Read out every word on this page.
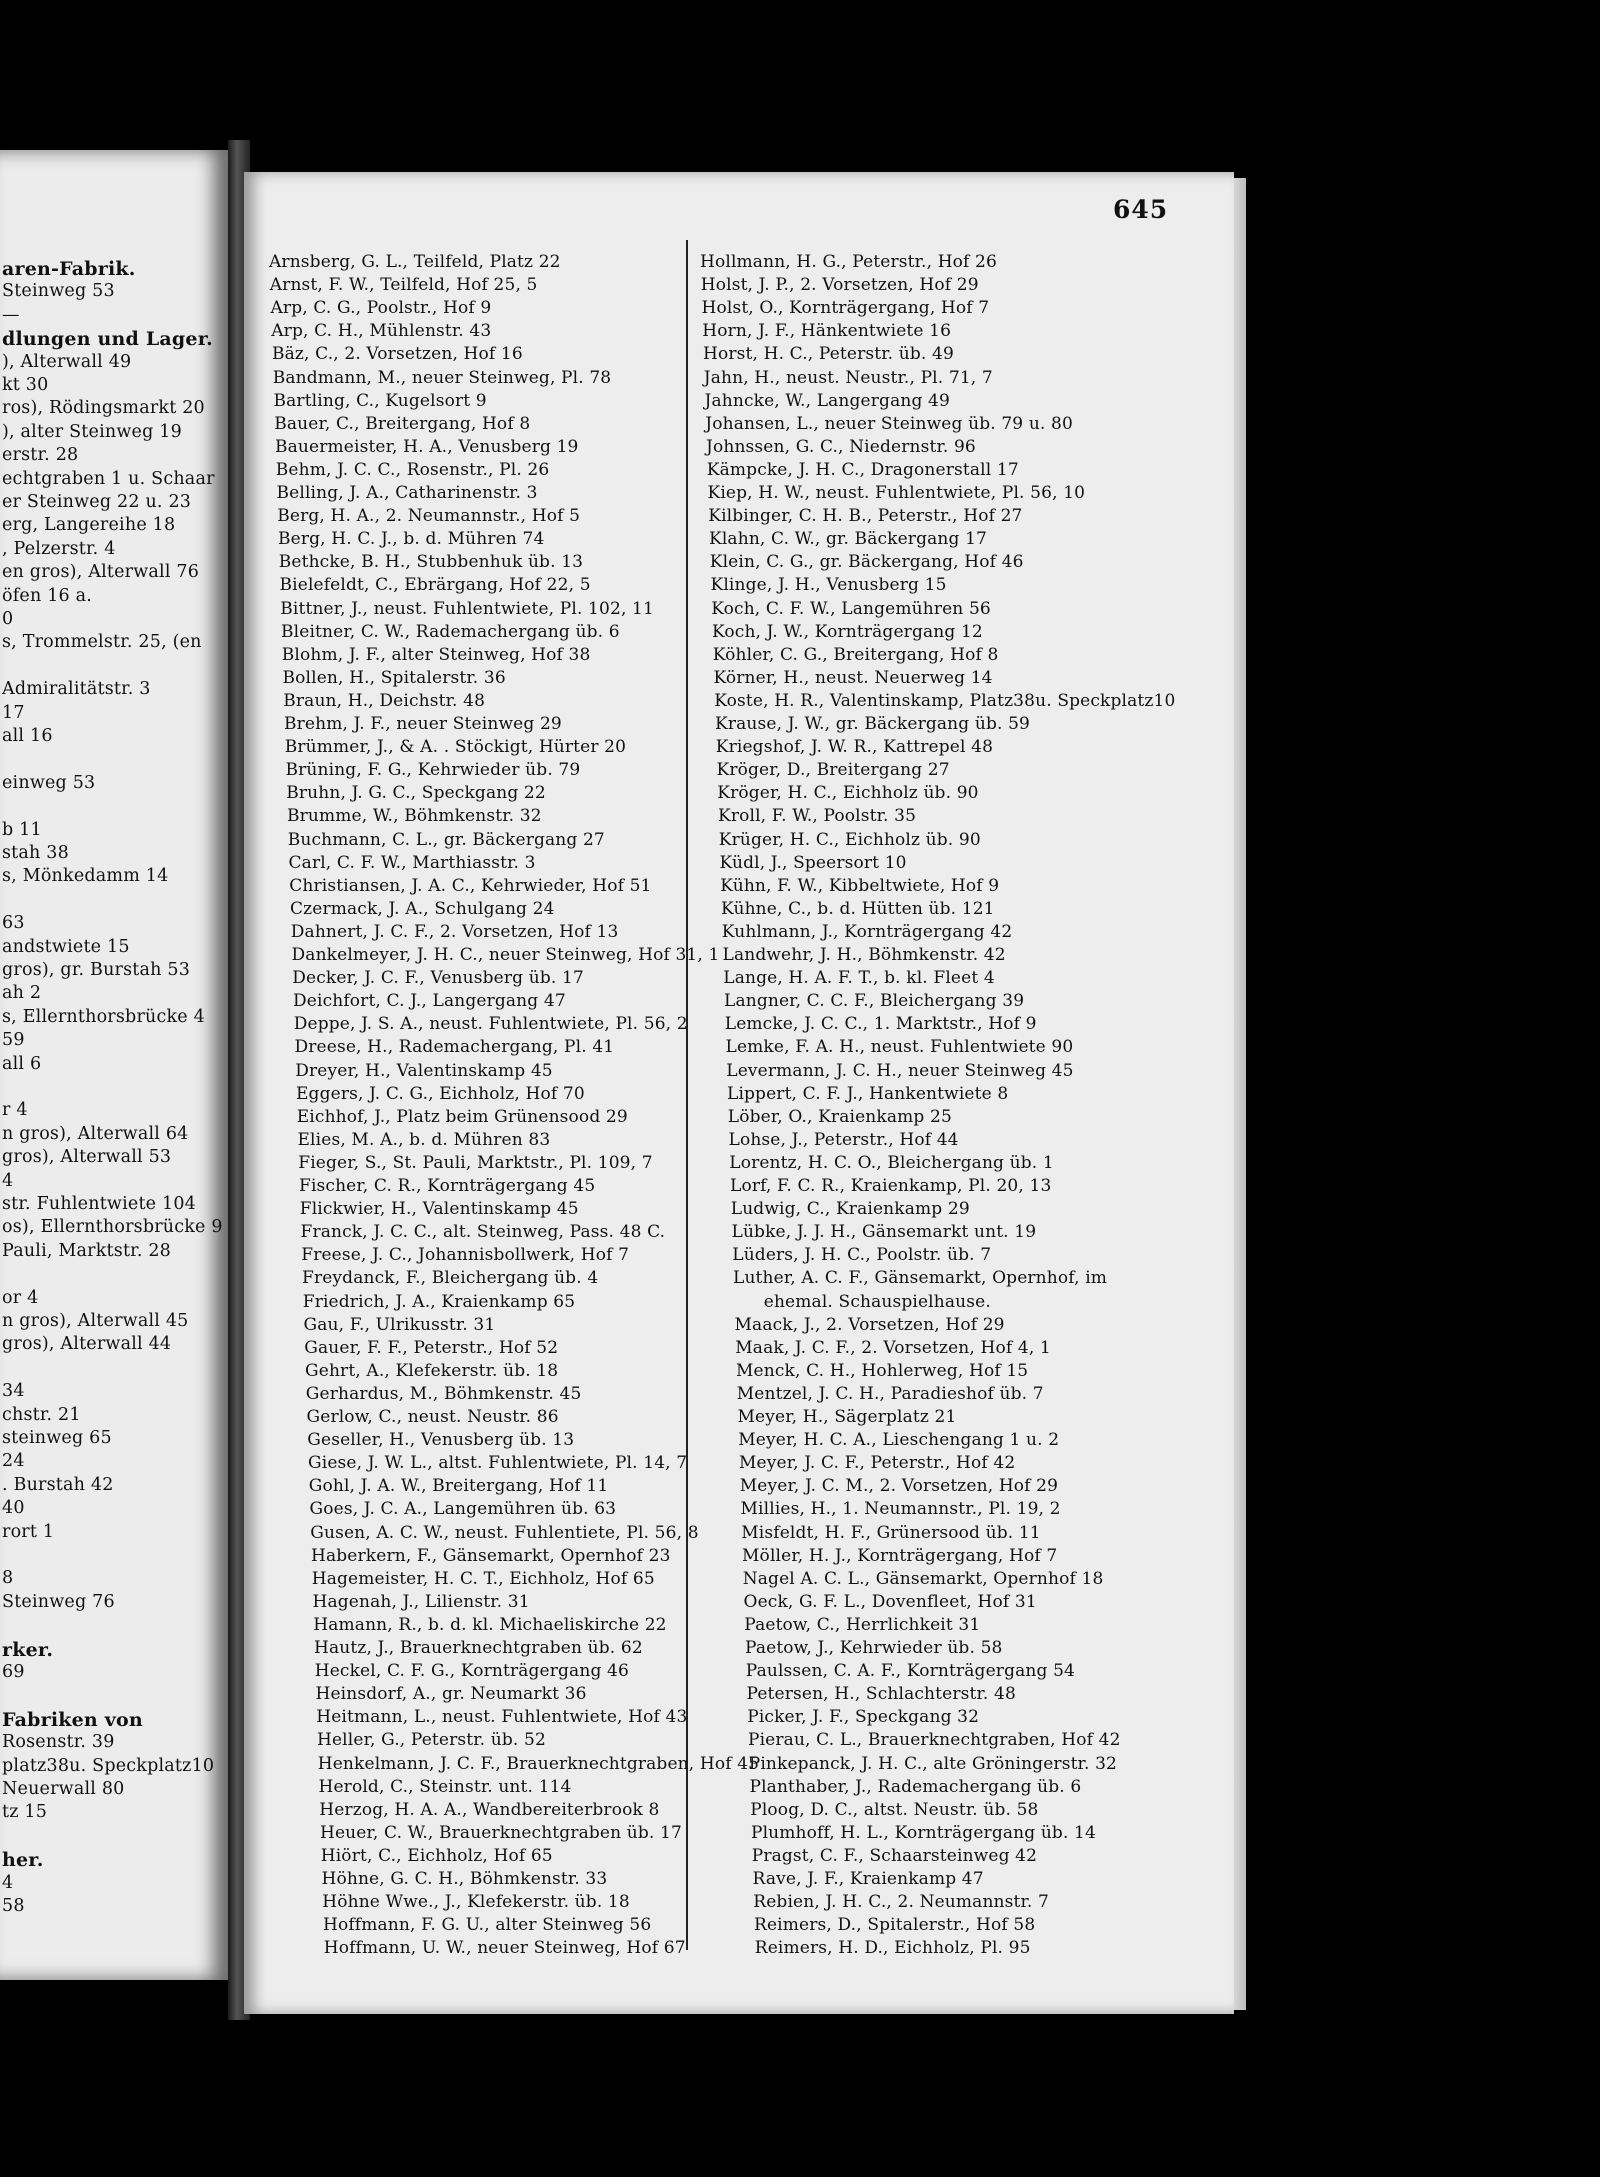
aren-Fabrik.
Steinweg 53
—
dlungen und Lager.
), Alterwall 49
kt 30
ros), Rödingsmarkt 20
), alter Steinweg 19
erstr. 28
echtgraben 1 u. Schaar
er Steinweg 22 u. 23
erg, Langereihe 18
, Pelzerstr. 4
en gros), Alterwall 76
öfen 16 a.
0
s, Trommelstr. 25, (en
Admiralitätstr. 3
17
all 16
einweg 53
b 11
stah 38
s, Mönkedamm 14
63
andstwiete 15
gros), gr. Burstah 53
ah 2
s, Ellernthorsbrücke 4
59
all 6
r 4
n gros), Alterwall 64
gros), Alterwall 53
4
str. Fuhlentwiete 104
os), Ellernthorsbrücke 9
Pauli, Marktstr. 28
or 4
n gros), Alterwall 45
gros), Alterwall 44
34
chstr. 21
steinweg 65
24
. Burstah 42
40
rort 1
8
Steinweg 76
rker.
69
Fabriken von
Rosenstr. 39
platz38u. Speckplatz10
Neuerwall 80
tz 15
her.
4
58
Arnsberg, G. L., Teilfeld, Platz 22
Arnst, F. W., Teilfeld, Hof 25, 5
Arp, C. G., Poolstr., Hof 9
Arp, C. H., Mühlenstr. 43
Bäz, C., 2. Vorsetzen, Hof 16
Bandmann, M., neuer Steinweg, Pl. 78
Bartling, C., Kugelsort 9
Bauer, C., Breitergang, Hof 8
Bauermeister, H. A., Venusberg 19
Behm, J. C. C., Rosenstr., Pl. 26
Belling, J. A., Catharinenstr. 3
Berg, H. A., 2. Neumannstr., Hof 5
Berg, H. C. J., b. d. Mühren 74
Bethcke, B. H., Stubbenhuk üb. 13
Bielefeldt, C., Ebrärgang, Hof 22, 5
Bittner, J., neust. Fuhlentwiete, Pl. 102, 11
Bleitner, C. W., Rademachergang üb. 6
Blohm, J. F., alter Steinweg, Hof 38
Bollen, H., Spitalerstr. 36
Braun, H., Deichstr. 48
Brehm, J. F., neuer Steinweg 29
Brümmer, J., & A. . Stöckigt, Hürter 20
Brüning, F. G., Kehrwieder üb. 79
Bruhn, J. G. C., Speckgang 22
Brumme, W., Böhmkenstr. 32
Buchmann, C. L., gr. Bäckergang 27
Carl, C. F. W., Marthiasstr. 3
Christiansen, J. A. C., Kehrwieder, Hof 51
Czermack, J. A., Schulgang 24
Dahnert, J. C. F., 2. Vorsetzen, Hof 13
Dankelmeyer, J. H. C., neuer Steinweg, Hof 31, 1
Decker, J. C. F., Venusberg üb. 17
Deichfort, C. J., Langergang 47
Deppe, J. S. A., neust. Fuhlentwiete, Pl. 56, 2
Dreese, H., Rademachergang, Pl. 41
Dreyer, H., Valentinskamp 45
Eggers, J. C. G., Eichholz, Hof 70
Eichhof, J., Platz beim Grünensood 29
Elies, M. A., b. d. Mühren 83
Fieger, S., St. Pauli, Marktstr., Pl. 109, 7
Fischer, C. R., Kornträgergang 45
Flickwier, H., Valentinskamp 45
Franck, J. C. C., alt. Steinweg, Pass. 48 C.
Freese, J. C., Johannisbollwerk, Hof 7
Freydanck, F., Bleichergang üb. 4
Friedrich, J. A., Kraienkamp 65
Gau, F., Ulrikusstr. 31
Gauer, F. F., Peterstr., Hof 52
Gehrt, A., Klefekerstr. üb. 18
Gerhardus, M., Böhmkenstr. 45
Gerlow, C., neust. Neustr. 86
Geseller, H., Venusberg üb. 13
Giese, J. W. L., altst. Fuhlentwiete, Pl. 14, 7
Gohl, J. A. W., Breitergang, Hof 11
Goes, J. C. A., Langemühren üb. 63
Gusen, A. C. W., neust. Fuhlentiete, Pl. 56, 8
Haberkern, F., Gänsemarkt, Opernhof 23
Hagemeister, H. C. T., Eichholz, Hof 65
Hagenah, J., Lilienstr. 31
Hamann, R., b. d. kl. Michaeliskirche 22
Hautz, J., Brauerknechtgraben üb. 62
Heckel, C. F. G., Kornträgergang 46
Heinsdorf, A., gr. Neumarkt 36
Heitmann, L., neust. Fuhlentwiete, Hof 43
Heller, G., Peterstr. üb. 52
Henkelmann, J. C. F., Brauerknechtgraben, Hof 45
Herold, C., Steinstr. unt. 114
Herzog, H. A. A., Wandbereiterbrook 8
Heuer, C. W., Brauerknechtgraben üb. 17
Hiört, C., Eichholz, Hof 65
Höhne, G. C. H., Böhmkenstr. 33
Höhne Wwe., J., Klefekerstr. üb. 18
Hoffmann, F. G. U., alter Steinweg 56
Hoffmann, U. W., neuer Steinweg, Hof 67
Hollmann, H. G., Peterstr., Hof 26
Holst, J. P., 2. Vorsetzen, Hof 29
Holst, O., Kornträgergang, Hof 7
Horn, J. F., Hänkentwiete 16
Horst, H. C., Peterstr. üb. 49
Jahn, H., neust. Neustr., Pl. 71, 7
Jahncke, W., Langergang 49
Johansen, L., neuer Steinweg üb. 79 u. 80
Johnssen, G. C., Niedernstr. 96
Kämpcke, J. H. C., Dragonerstall 17
Kiep, H. W., neust. Fuhlentwiete, Pl. 56, 10
Kilbinger, C. H. B., Peterstr., Hof 27
Klahn, C. W., gr. Bäckergang 17
Klein, C. G., gr. Bäckergang, Hof 46
Klinge, J. H., Venusberg 15
Koch, C. F. W., Langemühren 56
Koch, J. W., Kornträgergang 12
Köhler, C. G., Breitergang, Hof 8
Körner, H., neust. Neuerweg 14
Koste, H. R., Valentinskamp, Platz38u. Speckplatz10
Krause, J. W., gr. Bäckergang üb. 59
Kriegshof, J. W. R., Kattrepel 48
Kröger, D., Breitergang 27
Kröger, H. C., Eichholz üb. 90
Kroll, F. W., Poolstr. 35
Krüger, H. C., Eichholz üb. 90
Küdl, J., Speersort 10
Kühn, F. W., Kibbeltwiete, Hof 9
Kühne, C., b. d. Hütten üb. 121
Kuhlmann, J., Kornträgergang 42
Landwehr, J. H., Böhmkenstr. 42
Lange, H. A. F. T., b. kl. Fleet 4
Langner, C. C. F., Bleichergang 39
Lemcke, J. C. C., 1. Marktstr., Hof 9
Lemke, F. A. H., neust. Fuhlentwiete 90
Levermann, J. C. H., neuer Steinweg 45
Lippert, C. F. J., Hankentwiete 8
Löber, O., Kraienkamp 25
Lohse, J., Peterstr., Hof 44
Lorentz, H. C. O., Bleichergang üb. 1
Lorf, F. C. R., Kraienkamp, Pl. 20, 13
Ludwig, C., Kraienkamp 29
Lübke, J. J. H., Gänsemarkt unt. 19
Lüders, J. H. C., Poolstr. üb. 7
Luther, A. C. F., Gänsemarkt, Opernhof, im
ehemal. Schauspielhause.
Maack, J., 2. Vorsetzen, Hof 29
Maak, J. C. F., 2. Vorsetzen, Hof 4, 1
Menck, C. H., Hohlerweg, Hof 15
Mentzel, J. C. H., Paradieshof üb. 7
Meyer, H., Sägerplatz 21
Meyer, H. C. A., Lieschengang 1 u. 2
Meyer, J. C. F., Peterstr., Hof 42
Meyer, J. C. M., 2. Vorsetzen, Hof 29
Millies, H., 1. Neumannstr., Pl. 19, 2
Misfeldt, H. F., Grünersood üb. 11
Möller, H. J., Kornträgergang, Hof 7
Nagel A. C. L., Gänsemarkt, Opernhof 18
Oeck, G. F. L., Dovenfleet, Hof 31
Paetow, C., Herrlichkeit 31
Paetow, J., Kehrwieder üb. 58
Paulssen, C. A. F., Kornträgergang 54
Petersen, H., Schlachterstr. 48
Picker, J. F., Speckgang 32
Pierau, C. L., Brauerknechtgraben, Hof 42
Pinkepanck, J. H. C., alte Gröningerstr. 32
Planthaber, J., Rademachergang üb. 6
Ploog, D. C., altst. Neustr. üb. 58
Plumhoff, H. L., Kornträgergang üb. 14
Pragst, C. F., Schaarsteinweg 42
Rave, J. F., Kraienkamp 47
Rebien, J. H. C., 2. Neumannstr. 7
Reimers, D., Spitalerstr., Hof 58
Reimers, H. D., Eichholz, Pl. 95
645
